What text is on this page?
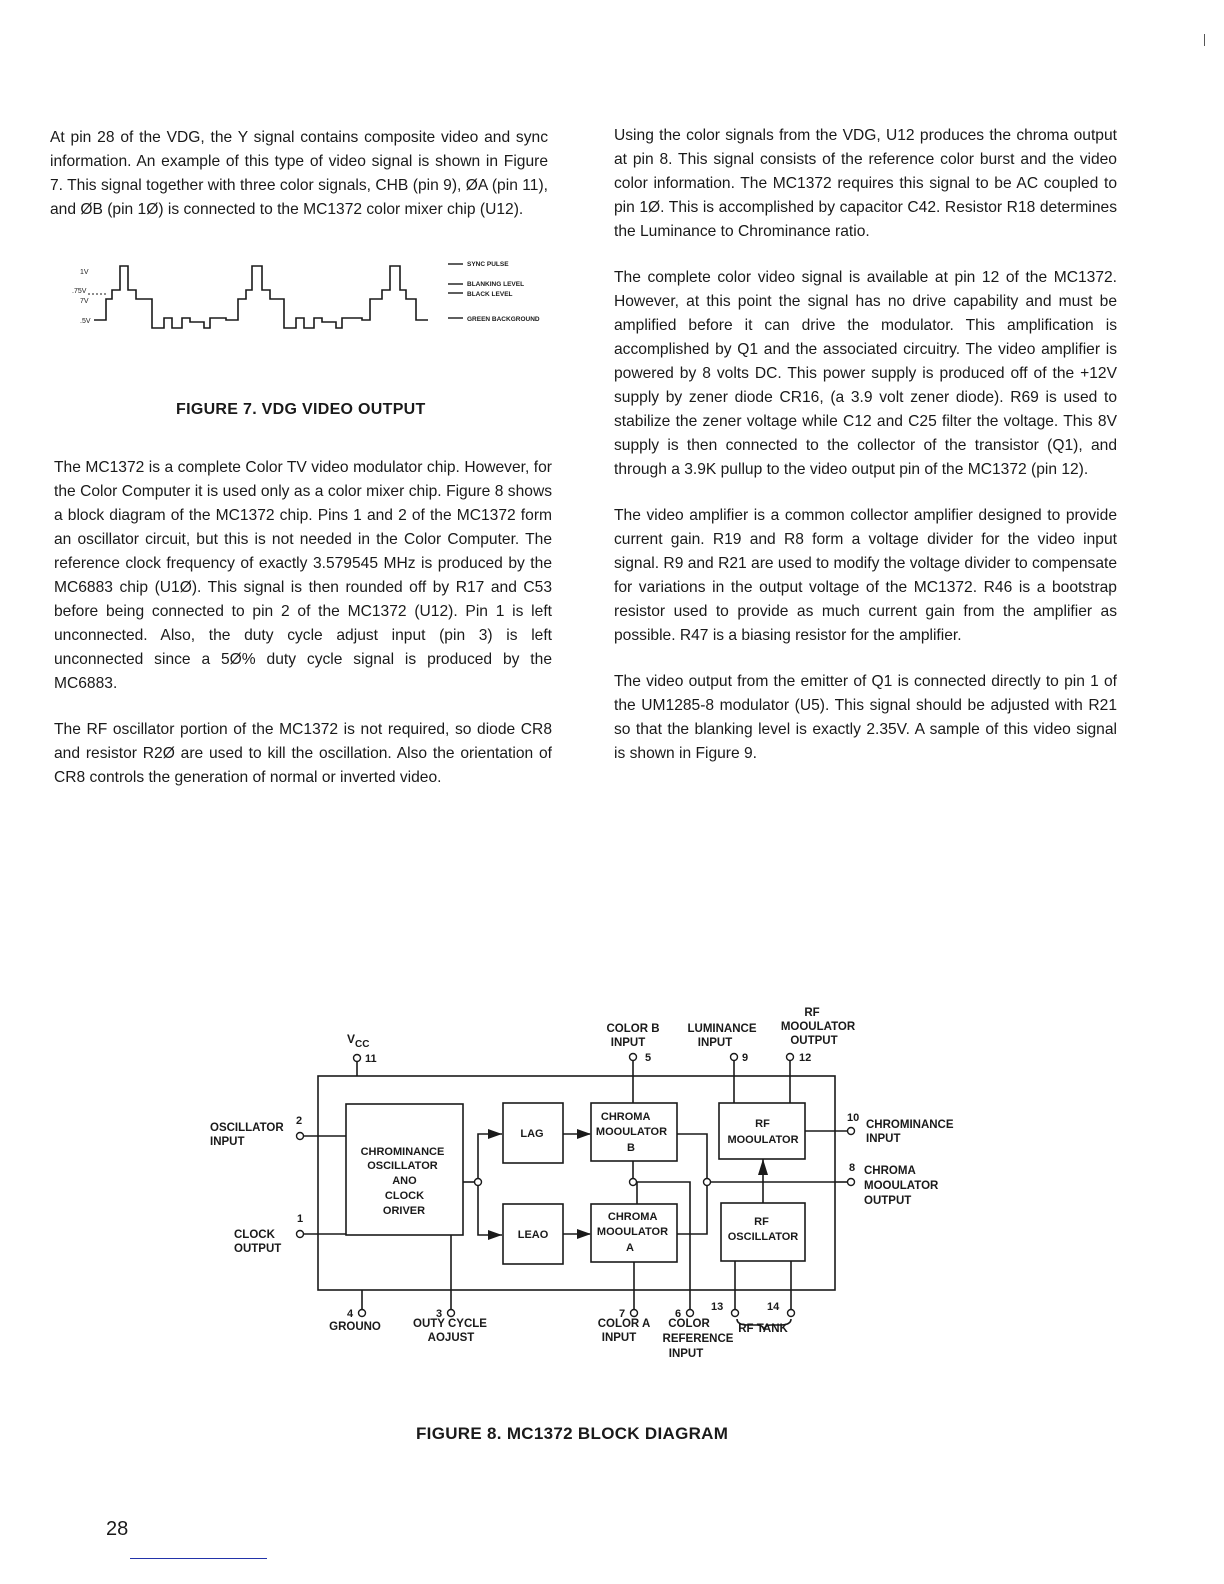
At pin 28 of the VDG, the Y signal contains composite video and sync information. An example of this type of video signal is shown in Figure 7. This signal together with three color signals, CHB (pin 9), ØA (pin 11), and ØB (pin 1Ø) is connected to the MC1372 color mixer chip (U12).

1V
.75V
7V
.5V
SYNC PULSE
BLANKING LEVEL
BLACK LEVEL
GREEN BACKGROUND
FIGURE 7. VDG VIDEO OUTPUT

The MC1372 is a complete Color TV video modulator chip. However, for the Color Computer it is used only as a color mixer chip. Figure 8 shows a block diagram of the MC1372 chip. Pins 1 and 2 of the MC1372 form an oscillator circuit, but this is not needed in the Color Computer. The reference clock frequency of exactly 3.579545 MHz is produced by the MC6883 chip (U1Ø). This signal is then rounded off by R17 and C53 before being connected to pin 2 of the MC1372 (U12). Pin 1 is left unconnected. Also, the duty cycle adjust input (pin 3) is left unconnected since a 5Ø% duty cycle signal is produced by the MC6883.

The RF oscillator portion of the MC1372 is not required, so diode CR8 and resistor R2Ø are used to kill the oscillation. Also the orientation of CR8 controls the generation of normal or inverted video.

Using the color signals from the VDG, U12 produces the chroma output at pin 8. This signal consists of the reference color burst and the video color information. The MC1372 requires this signal to be AC coupled to pin 1Ø. This is accomplished by capacitor C42. Resistor R18 determines the Luminance to Chrominance ratio.

The complete color video signal is available at pin 12 of the MC1372. However, at this point the signal has no drive capability and must be amplified before it can drive the modulator. This amplification is accomplished by Q1 and the associated circuitry. The video amplifier is powered by 8 volts DC. This power supply is produced off of the +12V supply by zener diode CR16, (a 3.9 volt zener diode). R69 is used to stabilize the zener voltage while C12 and C25 filter the voltage. This 8V supply is then connected to the collector of the transistor (Q1), and through a 3.9K pullup to the video output pin of the MC1372 (pin 12).

The video amplifier is a common collector amplifier designed to provide current gain. R19 and R8 form a voltage divider for the video input signal. R9 and R21 are used to modify the voltage divider to compensate for variations in the output voltage of the MC1372. R46 is a bootstrap resistor used to provide as much current gain from the amplifier as possible. R47 is a biasing resistor for the amplifier.

The video output from the emitter of Q1 is connected directly to pin 1 of the UM1285-8 modulator (U5). This signal should be adjusted with R21 so that the blanking level is exactly 2.35V. A sample of this video signal is shown in Figure 9.

$V_{CC}$
11
COLOR B INPUT
5
LUMINANCE INPUT
9
RF MOOULATOR OUTPUT
12
OSCILLATOR INPUT
2
CLOCK OUTPUT
1
CHROMINANCE OSCILLATOR ANO CLOCK ORIVER
LAG
LEAO
CHROMA MOOULATOR B
CHROMA MOOULATOR A
RF MOOULATOR
RF OSCILLATOR
10
CHROMINANCE INPUT
8 CHROMA MOOULATOR OUTPUT
4
GROUNO
3
OUTY CYCLE AOJUST
7
COLOR A INPUT
6
COLOR REFERENCE INPUT
13	14
RF TANK
FIGURE 8. MC1372 BLOCK DIAGRAM
28
